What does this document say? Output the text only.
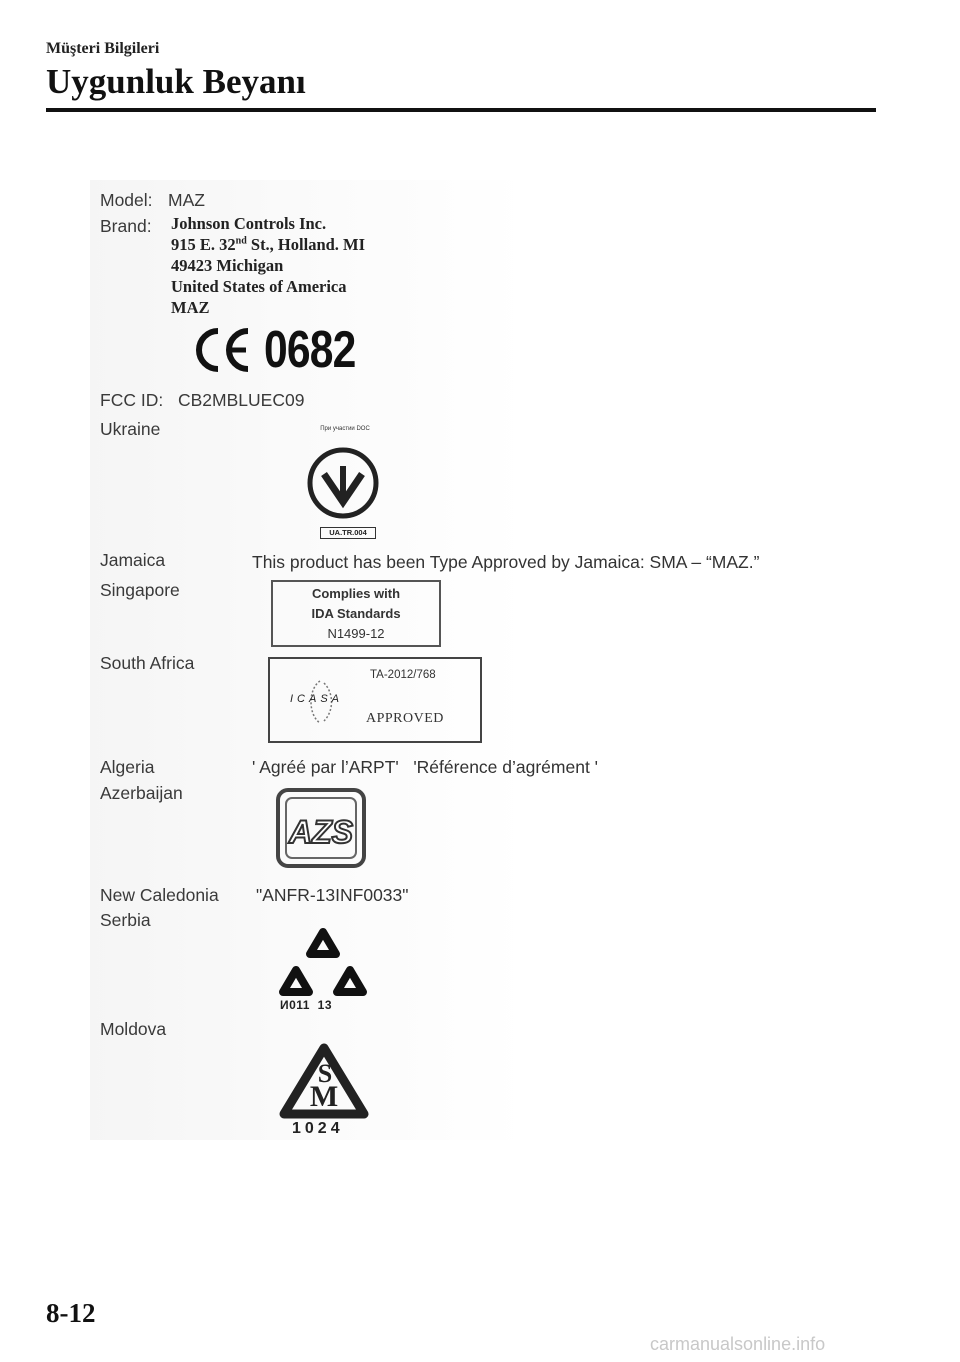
Müşteri Bilgileri
Uygunluk Beyanı
Model: MAZ
Brand: Johnson Controls Inc.
915 E. 32nd St., Holland. MI
49423 Michigan
United States of America
MAZ
0682
FCC ID: CB2MBLUEC09
Ukraine	При участии DOC
UA.TR.004
Jamaica	This product has been Type Approved by Jamaica: SMA – “MAZ.”
Singapore	Complies with
IDA Standards
N1499-12
South Africa
TA-2012/768
ICASA
APPROVED
Algeria	' Agréé par l’ARPT'   'Référence d’agrément '
Azerbaijan
AZS
New Caledonia "ANFR-13INF0033"
Serbia
И011  13
Moldova
M
S
1024
8-12
carmanualsonline.info
